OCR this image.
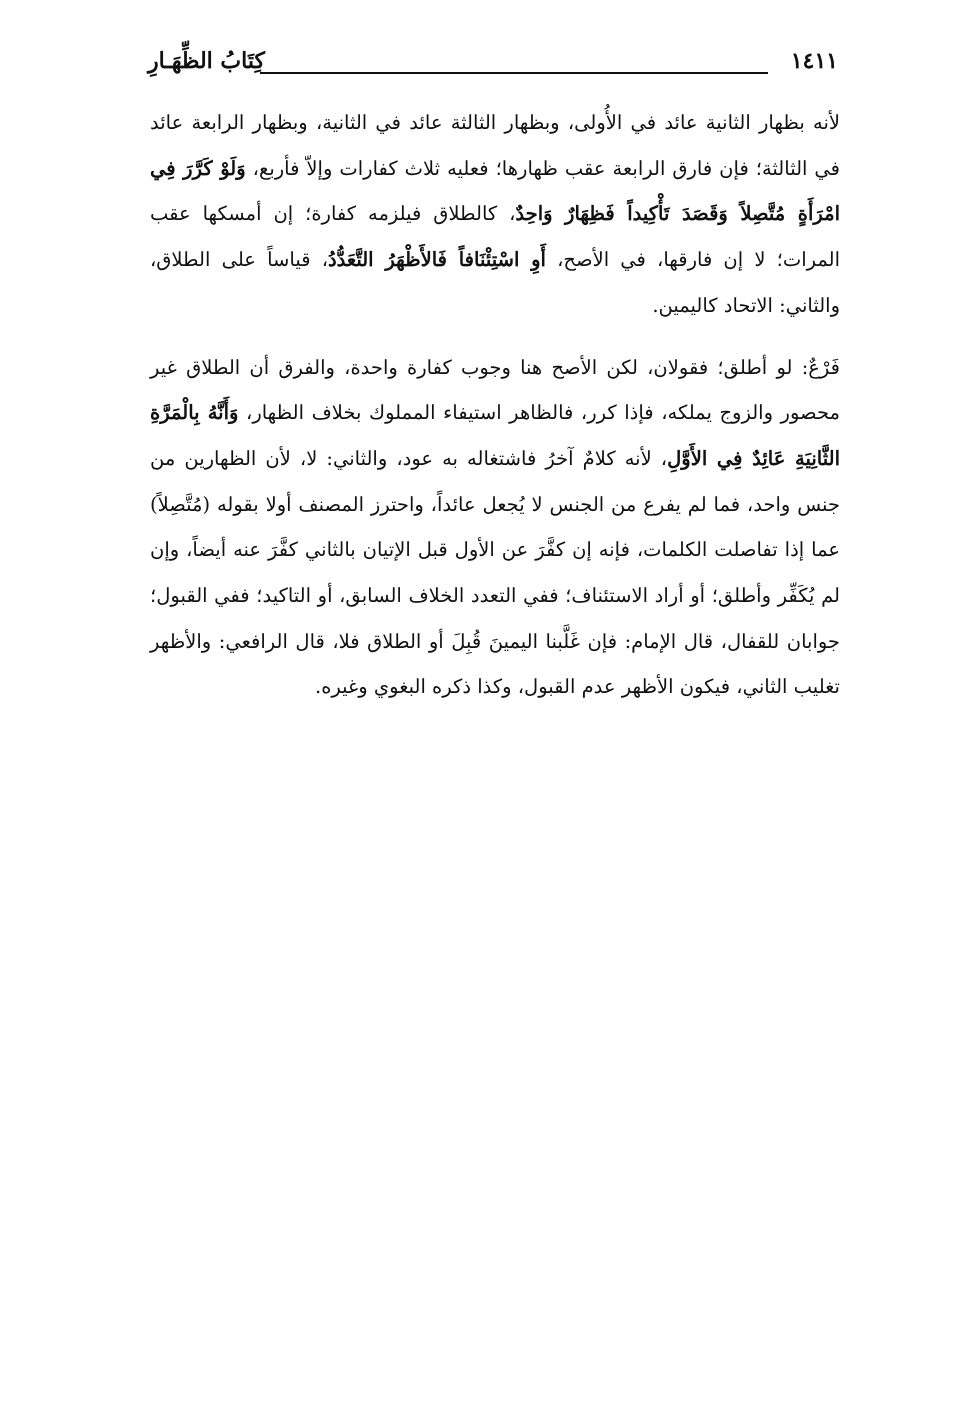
١٤١١
كِتَابُ الظِّهَـارِ

لأنه بظهار الثانية عائد في الأُولى، وبظهار الثالثة عائد في الثانية، وبظهار الرابعة عائد في الثالثة؛ فإن فارق الرابعة عقب ظهارها؛ فعليه ثلاث كفارات وإلاّ فأربع، وَلَوْ كَرَّرَ فِي امْرَأَةٍ مُتَّصِلاً وَقَصَدَ تَأْكِيداً فَظِهَارٌ وَاحِدٌ، كالطلاق فيلزمه كفارة؛ إن أمسكها عقب المرات؛ لا إن فارقها، في الأصح، أَوِ اسْتِئْنَافاً فَالأَظْهَرُ التَّعَدُّدُ، قياساً على الطلاق، والثاني: الاتحاد كاليمين.

فَرْعٌ: لو أطلق؛ فقولان، لكن الأصح هنا وجوب كفارة واحدة، والفرق أن الطلاق غير محصور والزوج يملكه، فإذا كرر، فالظاهر استيفاء المملوك بخلاف الظهار، وَأَنَّهُ بِالْمَرَّةِ الثَّانِيَةِ عَائِدٌ فِي الأَوَّلِ، لأنه كلامٌ آخرُ فاشتغاله به عود، والثاني: لا، لأن الظهارين من جنس واحد، فما لم يفرع من الجنس لا يُجعل عائداً، واحترز المصنف أولا بقوله (مُتَّصِلاً) عما إذا تفاصلت الكلمات، فإنه إن كفَّرَ عن الأول قبل الإتيان بالثاني كفَّرَ عنه أيضاً، وإن لم يُكَفِّر وأطلق؛ أو أراد الاستئناف؛ ففي التعدد الخلاف السابق، أو التاكيد؛ ففي القبول؛ جوابان للقفال، قال الإمام: فإن غَلَّبنا اليمينَ قُبِلَ أو الطلاق فلا، قال الرافعي: والأظهر تغليب الثاني، فيكون الأظهر عدم القبول، وكذا ذكره البغوي وغيره.
